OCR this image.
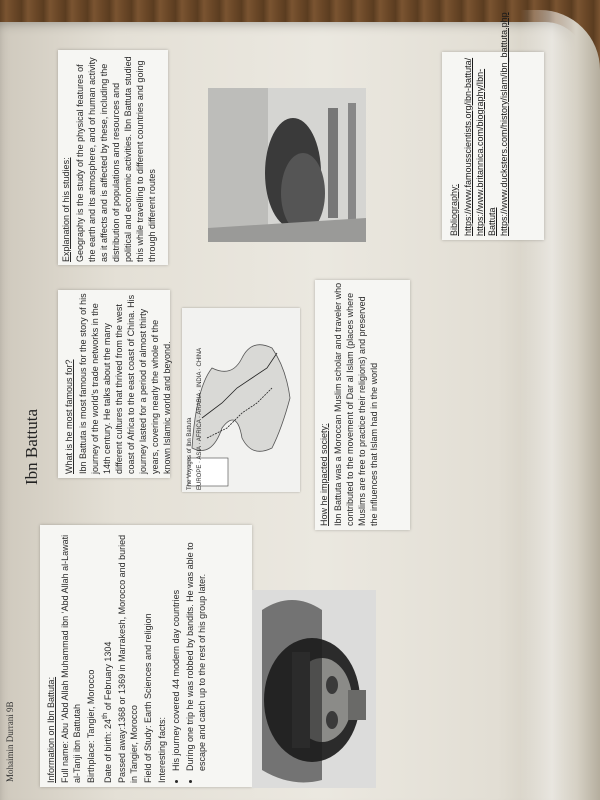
Mohaimin Durrani 9B
Ibn Battuta

Information on Ibn Battuta: Full name: Abu ‘Abd Allah Muhammad ibn ‘Abd Allah al-Lawati al-Tanji ibn Battutah Birthplace: Tangier, Morocco Date of birth: 24th of February 1304 Passed away:1368 or 1369 in Marrakesh, Morocco and buried in Tangier, Morocco Field of Study: Earth Sciences and religion Interesting facts: • His journey covered 44 modern day countries • During one trip he was robbed by bandits. He was able to escape and catch up to the rest of his group later.

What is he most famous for? Ibn Battuta is most famous for the story of his journey of the world's trade networks in the 14th century. He talks about the many different cultures that thrived from the west coast of Africa to the east coast of China. His journey lasted for a period of almost thirty years, covering nearly the whole of the known Islamic world and beyond.	The Voyages of Ibn Battuta EUROPE · ASIA · AFRICA · ARABIA · INDIA · CHINA

How he impacted society: Ibn Battuta was a Moroccan Muslim scholar and traveler who contributed to the movement of Dar al Islam (places where Muslims are free to practice their religions) and preserved the influences that Islam had in the world

Explanation of his studies: Geography is the study of the physical features of the earth and its atmosphere, and of human activity as it affects and is affected by these, including the distribution of populations and resources and political and economic activities. Ibn Battuta studied this while travelling to different countries and going through different routes	Bibliography: https://www.famousscientists.org/ibn-battuta/ https://www.britannica.com/biography/Ibn-Battuta https://www.ducksters.com/history/islam/ibn_battuta.php
